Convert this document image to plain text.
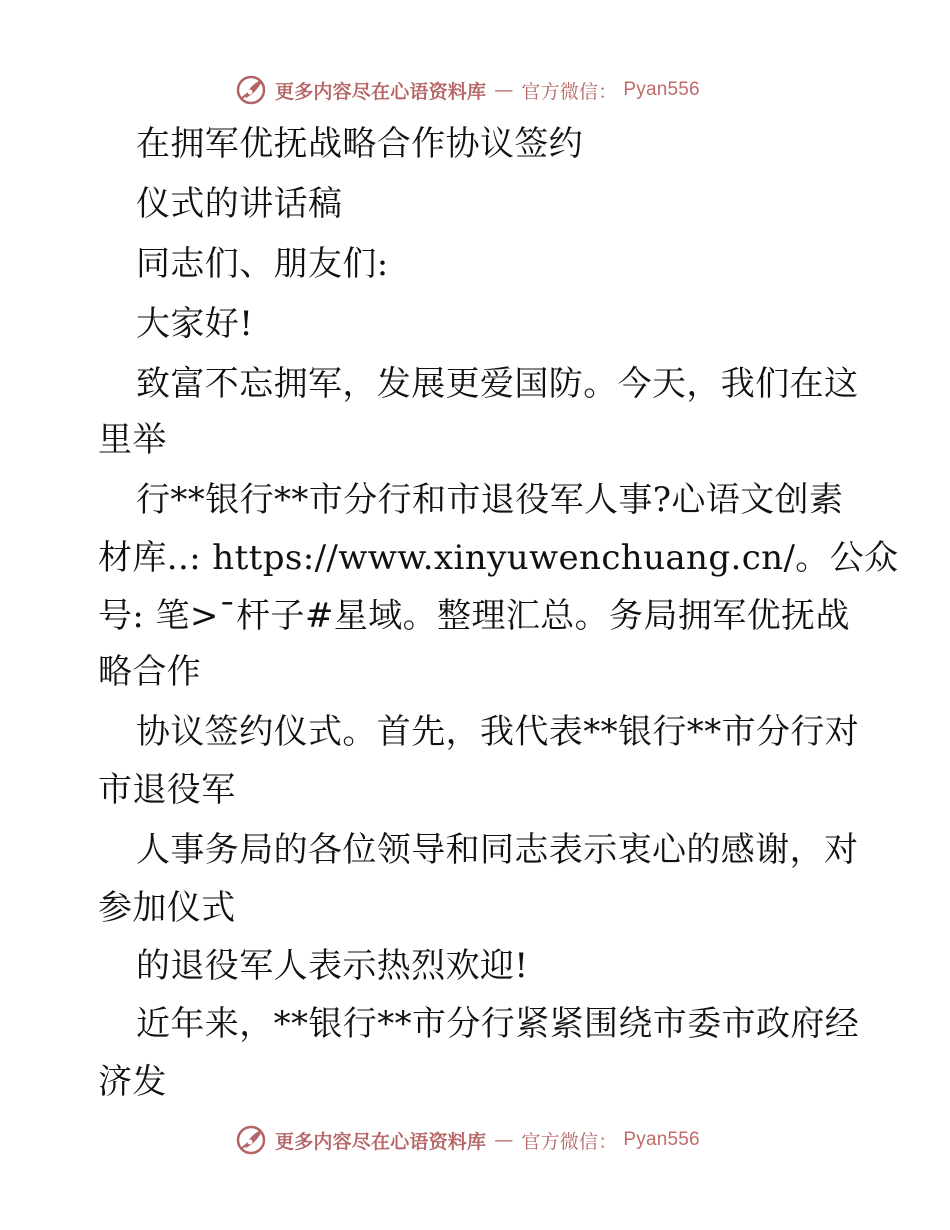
更多内容尽在心语资料库 — 官方微信： Pyan556
在拥军优抚战略合作协议签约
仪式的讲话稿
同志们、朋友们:
大家好!
致富不忘拥军，发展更爱国防。今天，我们在这
里举
行**银行**市分行和市退役军人事?心语文创素
材库..: https://www.xinyuwenchuang.cn/。公众
号: 笔>¯杆子#星域。整理汇总。务局拥军优抚战
略合作
协议签约仪式。首先，我代表**银行**市分行对
市退役军
人事务局的各位领导和同志表示衷心的感谢，对
参加仪式
的退役军人表示热烈欢迎!
近年来，**银行**市分行紧紧围绕市委市政府经
济发
更多内容尽在心语资料库 — 官方微信： Pyan556
